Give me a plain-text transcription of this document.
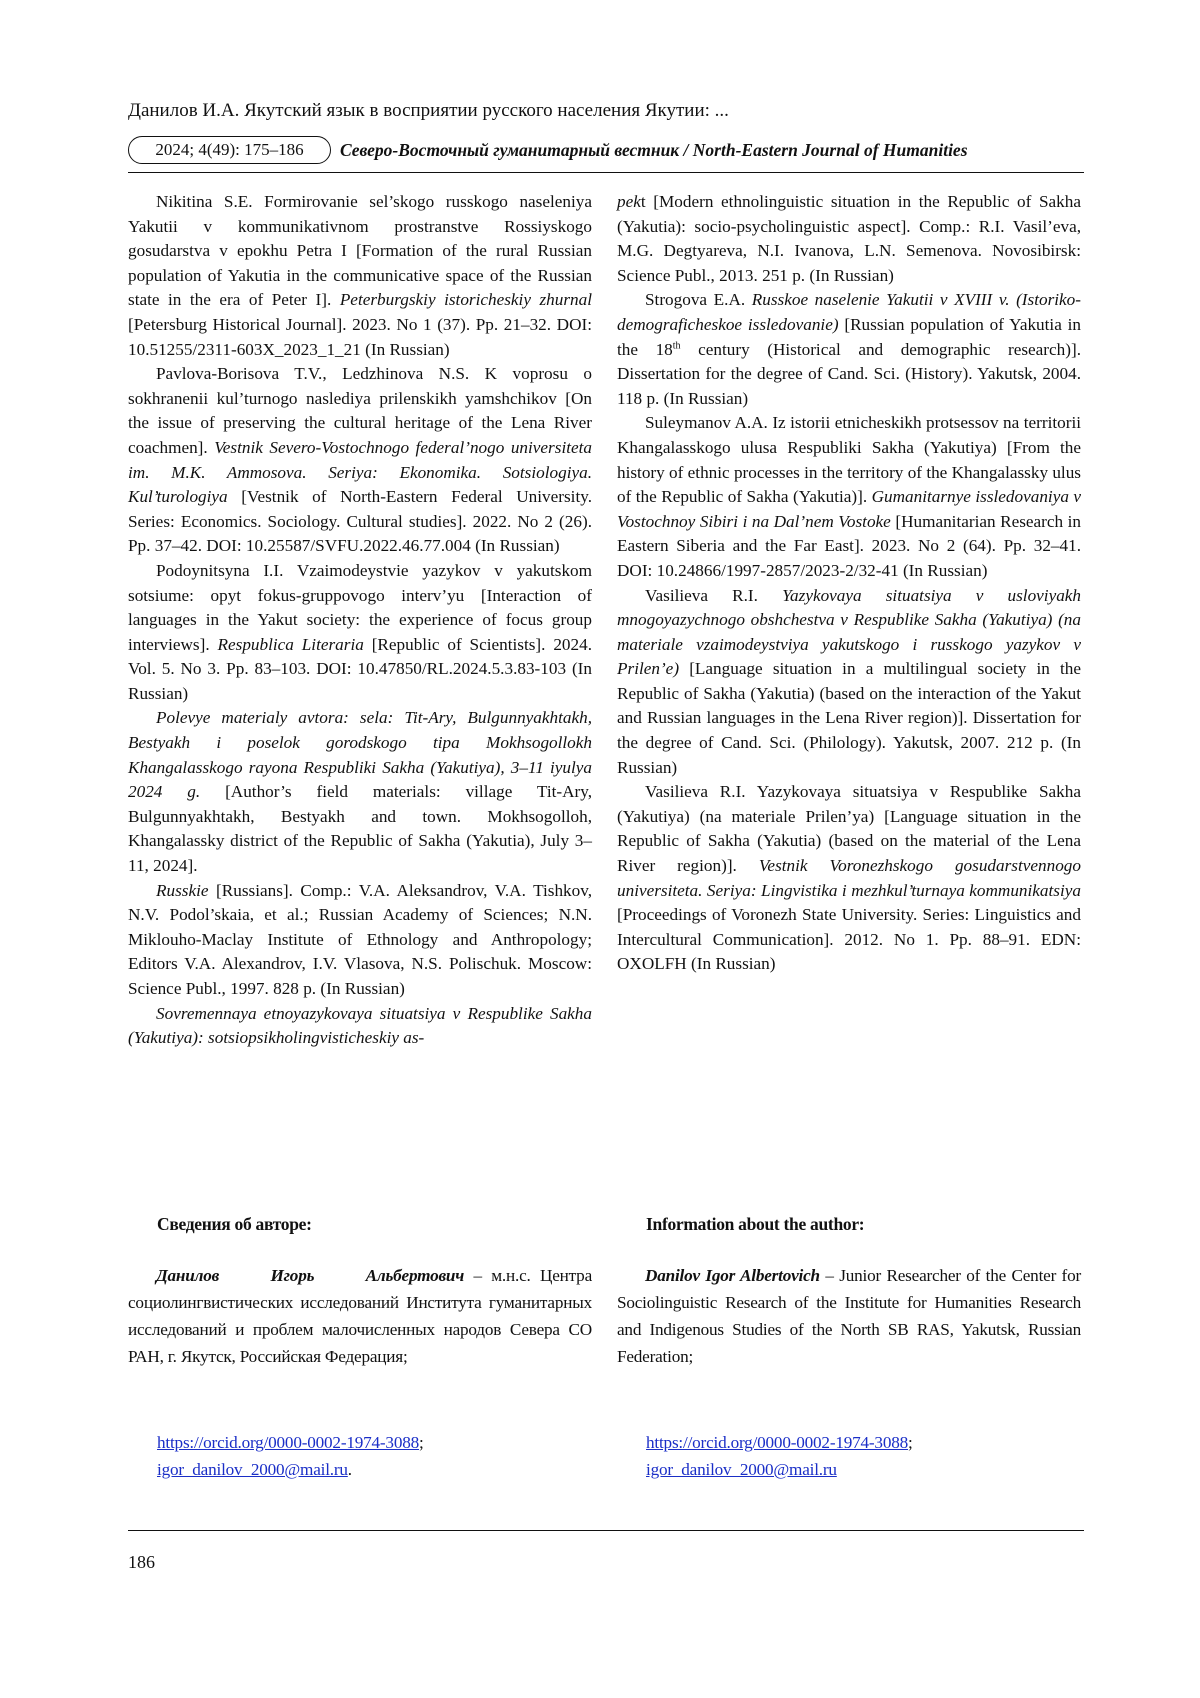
Данилов И.А. Якутский язык в восприятии русского населения Якутии: ...
2024; 4(49): 175–186	Северо-Восточный гуманитарный вестник / North-Eastern Journal of Humanities

Nikitina S.E. Formirovanie sel’skogo russkogo naseleniya Yakutii v kommunikativnom prostranstve Rossiyskogo gosudarstva v epokhu Petra I [Formation of the rural Russian population of Yakutia in the communicative space of the Russian state in the era of Peter I]. Peterburgskiy istoricheskiy zhurnal [Petersburg Historical Journal]. 2023. No 1 (37). Pp. 21–32. DOI: 10.51255/2311-603X_2023_1_21 (In Russian)

Pavlova-Borisova T.V., Ledzhinova N.S. K voprosu o sokhranenii kul’turnogo naslediya prilenskikh yamshchikov [On the issue of preserving the cultural heritage of the Lena River coachmen]. Vestnik Severo-Vostochnogo federal’nogo universiteta im. M.K. Ammosova. Seriya: Ekonomika. Sotsiologiya. Kul’turologiya [Vestnik of North-Eastern Federal University. Series: Economics. Sociology. Cultural studies]. 2022. No 2 (26). Pp. 37–42. DOI: 10.25587/SVFU.2022.46.77.004 (In Russian)

Podoynitsyna I.I. Vzaimodeystvie yazykov v yakutskom sotsiume: opyt fokus-gruppovogo interv’yu [Interaction of languages in the Yakut society: the experience of focus group interviews]. Respublica Literaria [Republic of Scientists]. 2024. Vol. 5. No 3. Pp. 83–103. DOI: 10.47850/RL.2024.5.3.83-103 (In Russian)

Polevye materialy avtora: sela: Tit-Ary, Bulgunnyakhtakh, Bestyakh i poselok gorodskogo tipa Mokhsogollokh Khangalasskogo rayona Respubliki Sakha (Yakutiya), 3–11 iyulya 2024 g. [Author’s field materials: village Tit-Ary, Bulgunnyakhtakh, Bestyakh and town. Mokhsogolloh, Khangalassky district of the Republic of Sakha (Yakutia), July 3–11, 2024].

Russkie [Russians]. Comp.: V.A. Aleksandrov, V.A. Tishkov, N.V. Podol’skaia, et al.; Russian Academy of Sciences; N.N. Miklouho-Maclay Institute of Ethnology and Anthropology; Editors V.A. Alexandrov, I.V. Vlasova, N.S. Polischuk. Moscow: Science Publ., 1997. 828 p. (In Russian)

Sovremennaya etnoyazykovaya situatsiya v Respublike Sakha (Yakutiya): sotsiopsikholingvisticheskiy as-

pekt [Modern ethnolinguistic situation in the Republic of Sakha (Yakutia): socio-psycholinguistic aspect]. Comp.: R.I. Vasil’eva, M.G. Degtyareva, N.I. Ivanova, L.N. Semenova. Novosibirsk: Science Publ., 2013. 251 p. (In Russian)

Strogova E.A. Russkoe naselenie Yakutii v XVIII v. (Istoriko-demograficheskoe issledovanie) [Russian population of Yakutia in the 18th century (Historical and demographic research)]. Dissertation for the degree of Cand. Sci. (History). Yakutsk, 2004. 118 p. (In Russian)

Suleymanov A.A. Iz istorii etnicheskikh protsessov na territorii Khangalasskogo ulusa Respubliki Sakha (Yakutiya) [From the history of ethnic processes in the territory of the Khangalassky ulus of the Republic of Sakha (Yakutia)]. Gumanitarnye issledovaniya v Vostochnoy Sibiri i na Dal’nem Vostoke [Humanitarian Research in Eastern Siberia and the Far East]. 2023. No 2 (64). Pp. 32–41. DOI: 10.24866/1997-2857/2023-2/32-41 (In Russian)

Vasilieva R.I. Yazykovaya situatsiya v usloviyakh mnogoyazychnogo obshchestva v Respublike Sakha (Yakutiya) (na materiale vzaimodeystviya yakutskogo i russkogo yazykov v Prilen’e) [Language situation in a multilingual society in the Republic of Sakha (Yakutia) (based on the interaction of the Yakut and Russian languages in the Lena River region)]. Dissertation for the degree of Cand. Sci. (Philology). Yakutsk, 2007. 212 p. (In Russian)

Vasilieva R.I. Yazykovaya situatsiya v Respublike Sakha (Yakutiya) (na materiale Prilen’ya) [Language situation in the Republic of Sakha (Yakutia) (based on the material of the Lena River region)]. Vestnik Voronezhskogo gosudarstvennogo universiteta. Seriya: Lingvistika i mezhkul’turnaya kommunikatsiya [Proceedings of Voronezh State University. Series: Linguistics and Intercultural Communication]. 2012. No 1. Pp. 88–91. EDN: OXOLFH (In Russian)

Сведения об авторе:	Information about the author:
Данилов Игорь Альбертович – м.н.с. Центра социолингвистических исследований Института гуманитарных исследований и проблем малочисленных народов Севера СО РАН, г. Якутск, Российская Федерация;
Danilov Igor Albertovich – Junior Researcher of the Center for Sociolinguistic Research of the Institute for Humanities Research and Indigenous Studies of the North SB RAS, Yakutsk, Russian Federation;
https://orcid.org/0000-0002-1974-3088;
igor_danilov_2000@mail.ru.
https://orcid.org/0000-0002-1974-3088;
igor_danilov_2000@mail.ru
186
